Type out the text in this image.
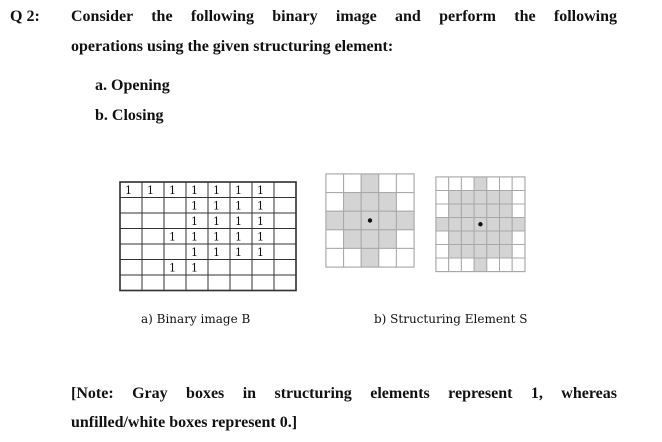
Q 2: Consider the following binary image and perform the following
operations using the given structuring element:
a. Opening
b. Closing
1 1 1 1 1 1 1
1 1 1 1
1 1 1 1
1 1 1 1 1
1 1 1 1
1 1
a) Binary image B	b) Structuring Element S
[Note: Gray boxes in structuring elements represent 1, whereas
unfilled/white boxes represent 0.]
